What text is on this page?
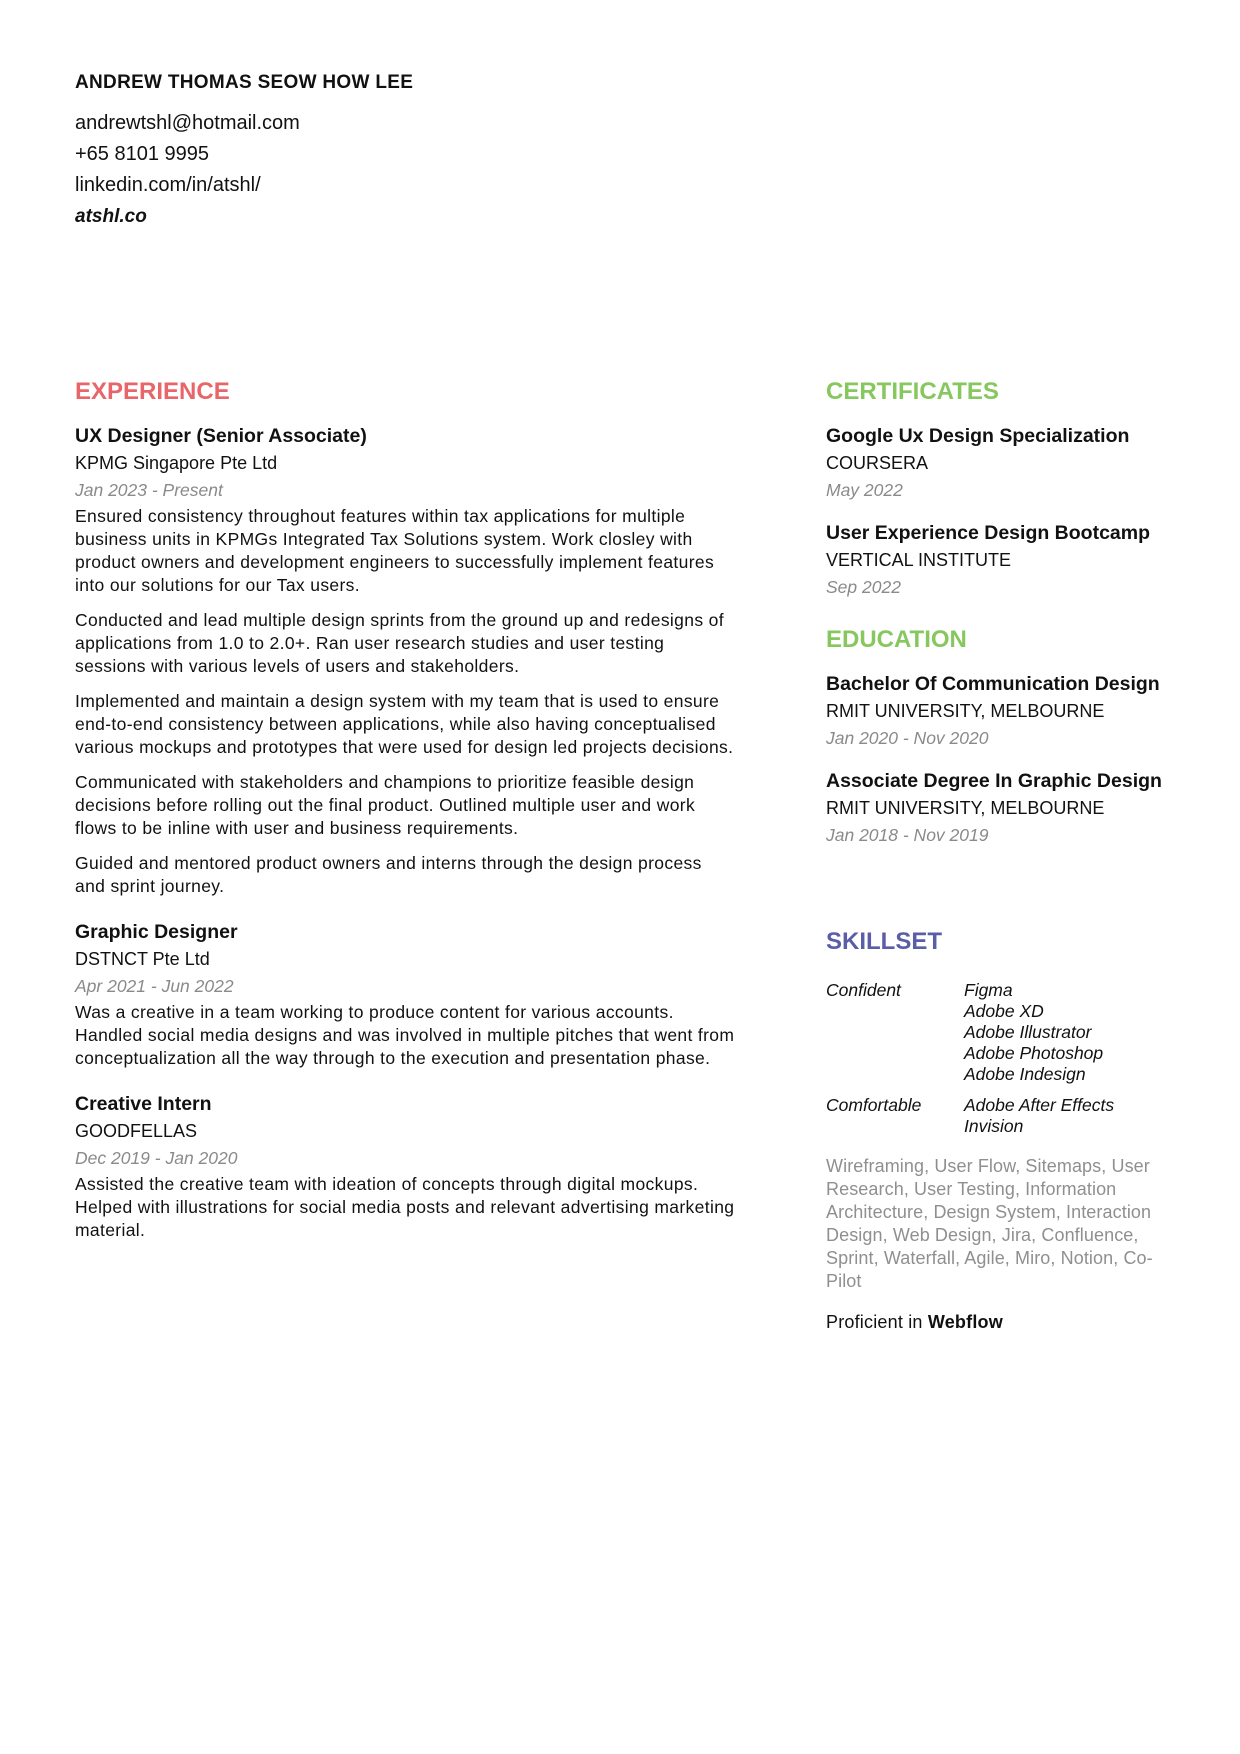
ANDREW THOMAS SEOW HOW LEE
andrewtshl@hotmail.com
+65 8101 9995
linkedin.com/in/atshl/
atshl.co
EXPERIENCE
UX Designer (Senior Associate)
KPMG Singapore Pte Ltd
Jan 2023 - Present

Ensured consistency throughout features within tax applications for multiple business units in KPMGs Integrated Tax Solutions system. Work closley with product owners and development engineers to successfully implement features into our solutions for our Tax users.

Conducted and lead multiple design sprints from the ground up and redesigns of applications from 1.0 to 2.0+. Ran user research studies and user testing sessions with various levels of users and stakeholders.

Implemented and maintain a design system with my team that is used to ensure end-to-end consistency between applications, while also having conceptualised various mockups and prototypes that were used for design led projects decisions.

Communicated with stakeholders and champions to prioritize feasible design decisions before rolling out the final product. Outlined multiple user and work flows to be inline with user and business requirements.

Guided and mentored product owners and interns through the design process and sprint journey.

Graphic Designer
DSTNCT Pte Ltd
Apr 2021 - Jun 2022

Was a creative in a team working to produce content for various accounts. Handled social media designs and was involved in multiple pitches that went from conceptualization all the way through to the execution and presentation phase.

Creative Intern
GOODFELLAS
Dec 2019 - Jan 2020

Assisted the creative team with ideation of concepts through digital mockups. Helped with illustrations for social media posts and relevant advertising marketing material.

CERTIFICATES
Google Ux Design Specialization
COURSERA
May 2022
User Experience Design Bootcamp
VERTICAL INSTITUTE
Sep 2022
EDUCATION
Bachelor Of Communication Design
RMIT UNIVERSITY, MELBOURNE
Jan 2020 - Nov 2020
Associate Degree In Graphic Design
RMIT UNIVERSITY, MELBOURNE
Jan 2018 - Nov 2019
SKILLSET
Confident	Figma
Adobe XD
Adobe Illustrator
Adobe Photoshop
Adobe Indesign
Comfortable	Adobe After Effects
Invision
Wireframing, User Flow, Sitemaps, User Research, User Testing, Information Architecture, Design System, Interaction Design, Web Design, Jira, Confluence, Sprint, Waterfall, Agile, Miro, Notion, Co-Pilot
Proficient in Webflow
